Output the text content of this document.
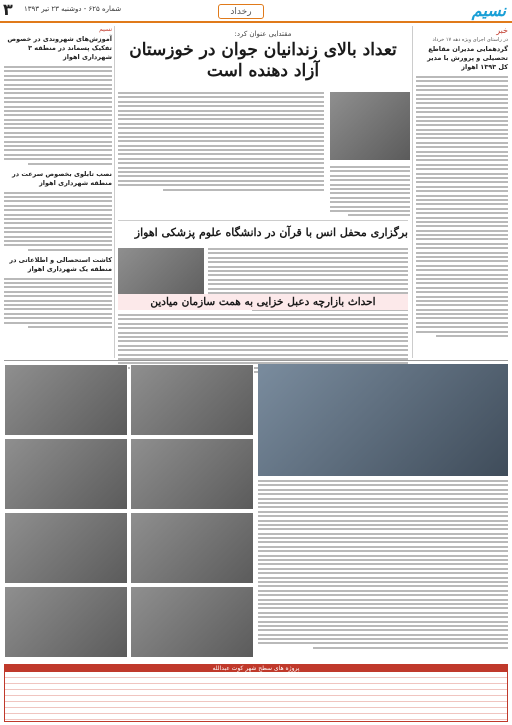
نسیم
رخداد
شماره ۶۲۵ - دوشنبه ۲۳ تیر ۱۳۹۳
۳
نسیم
آموزش‌های شهروندی در خصوص تفکیک پسماند در منطقه ۳ شهرداری اهواز
نصب تابلوی بخصوص سرعت در منطقه شهرداری اهواز
کاشت استحصالی و اطلاعاتی در منطقه یک شهرداری اهواز
خبر
در راستای اجرای ویژه دهه ۱۷ خرداد
گردهمایی مدیران مقاطع تحصیلی و پرورش با مدیر کل ۱۳۹۳ اهواز
مقتدایی عنوان کرد:
تعداد بالای زندانیان جوان در خوزستان آزاد دهنده است
برگزاری محفل انس با قرآن در دانشگاه علوم پزشکی اهواز
احداث بازارچه دعبل خزایی به همت سازمان میادین
پروژه های سطح شهر کوت عبدالله
